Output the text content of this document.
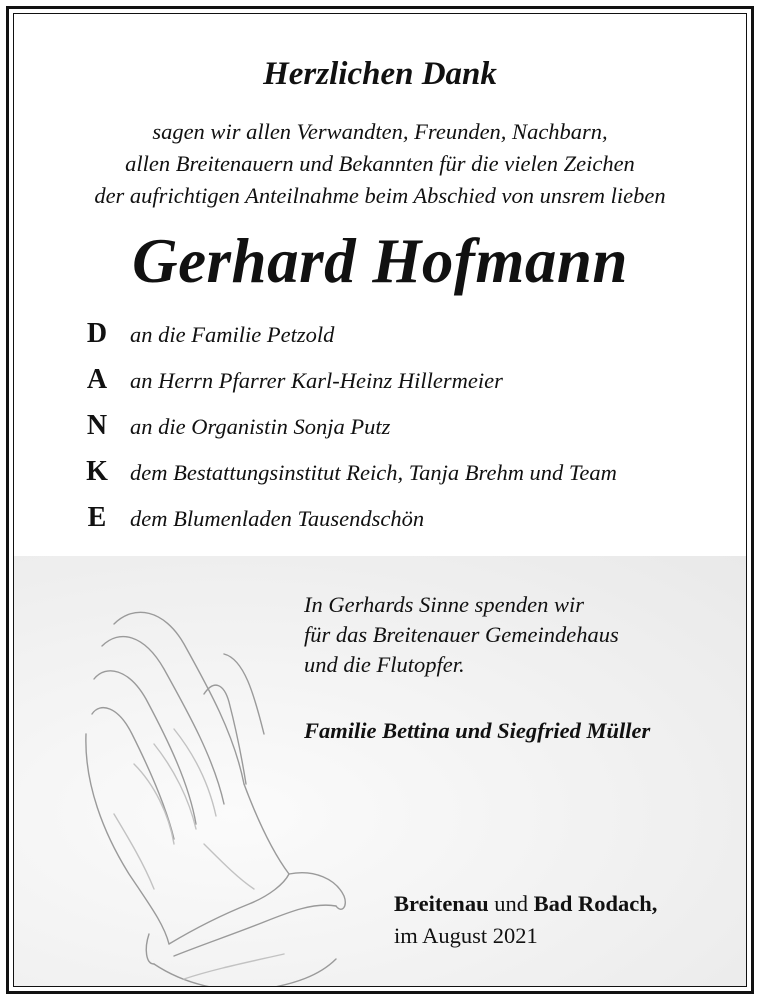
Herzlichen Dank
sagen wir allen Verwandten, Freunden, Nachbarn,
allen Breitenauern und Bekannten für die vielen Zeichen
der aufrichtigen Anteilnahme beim Abschied von unsrem lieben
Gerhard Hofmann
D	an die Familie Petzold
A	an Herrn Pfarrer Karl-Heinz Hillermeier
N	an die Organistin Sonja Putz
K dem Bestattungsinstitut Reich, Tanja Brehm und Team
E	dem Blumenladen Tausendschön
In Gerhards Sinne spenden wir
für das Breitenauer Gemeindehaus
und die Flutopfer.
Familie Bettina und Siegfried Müller
Breitenau und Bad Rodach,
im August 2021
